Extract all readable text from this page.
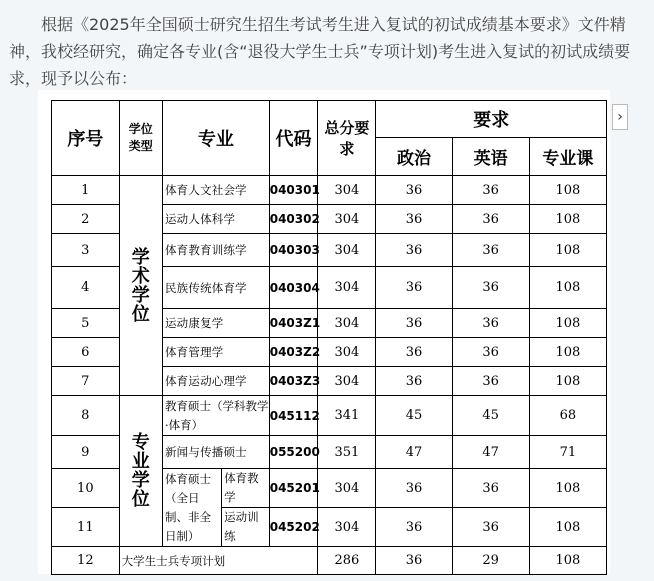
根据《2025年全国硕士研究生招生考试考生进入复试的初试成绩基本要求》文件精神，我校经研究，确定各专业(含“退役大学生士兵”专项计划)考生进入复试的初试成绩要求，现予以公布：

›
序号	学位类型	专业		代码	总分要求	要求		
						政治	英语	专业课
1	学术学位	体育人文社会学		040301	304	36	36	108
2		运动人体科学		040302	304	36	36	108
3		体育教育训练学		040303	304	36	36	108
4		民族传统体育学		040304	304	36	36	108
5		运动康复学		0403Z1	304	36	36	108
6		体育管理学		0403Z2	304	36	36	108
7		体育运动心理学		0403Z3	304	36	36	108
8	专业学位	教育硕士（学科教学·体育）		045112	341	45	45	68
9		新闻与传播硕士		055200	351	47	47	71
10		体育硕士（全日制、非全日制）	体育教学	045201	304	36	36	108
11			运动训练	045202	304	36	36	108
12	大学生士兵专项计划				286	36	29	108
